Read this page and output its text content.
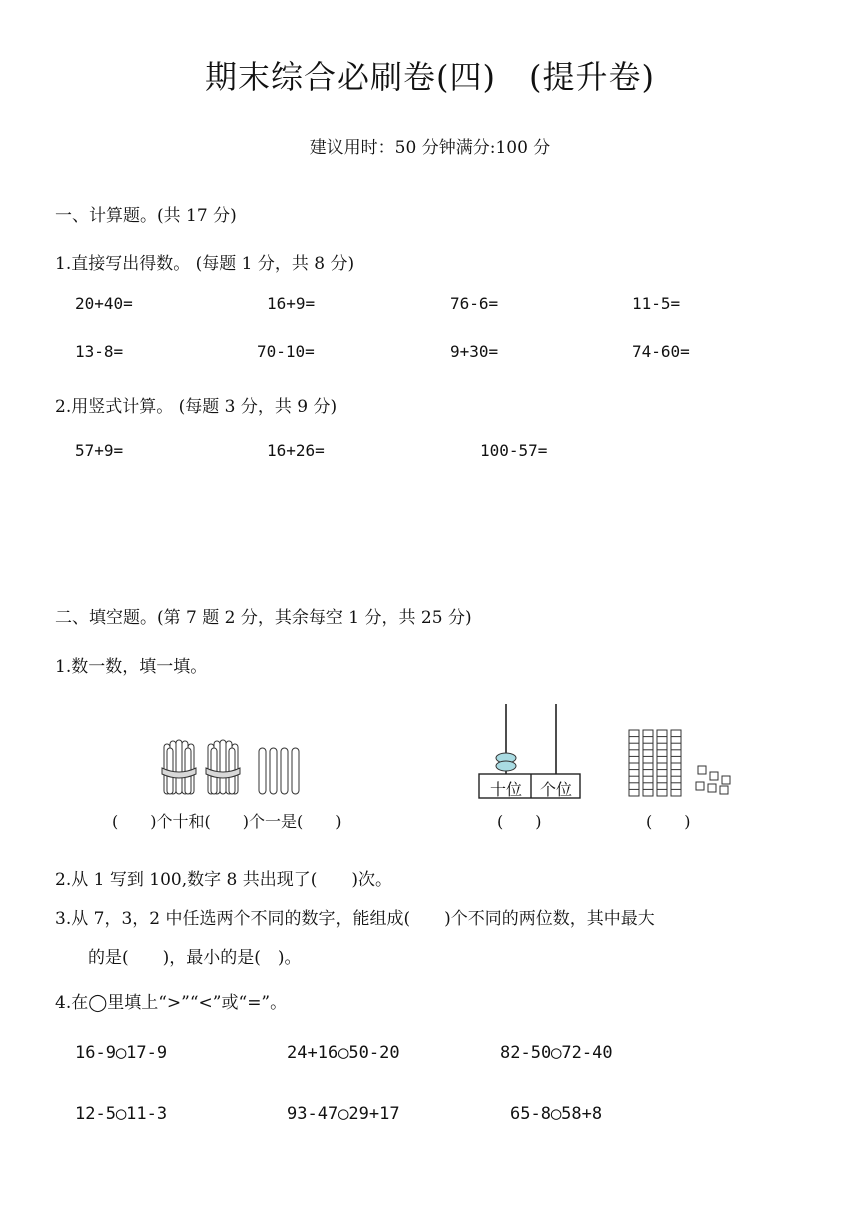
期末综合必刷卷(四)　(提升卷)
建议用时：50 分钟满分:100 分
一、计算题。(共 17 分)
1.直接写出得数。 (每题 1 分，共 8 分)
20+40=	16+9=	76-6=	11-5=
13-8=	70-10=	9+30=	74-60=
2.用竖式计算。 (每题 3 分，共 9 分)
57+9=	16+26=	100-57=
二、填空题。(第 7 题 2 分，其余每空 1 分，共 25 分)
1.数一数，填一填。
十位	个位
(　　)个十和(　　)个一是(　　)	(　　)	(　　)
2.从 1 写到 100,数字 8 共出现了(　　)次。
3.从 7，3，2 中任选两个不同的数字，能组成(　　)个不同的两位数，其中最大
的是(　　)，最小的是(　)。
4.在◯里填上“>”“<”或“=”。
16-9◯17-9	24+16◯50-20	82-50◯72-40
12-5◯11-3	93-47◯29+17	65-8◯58+8
